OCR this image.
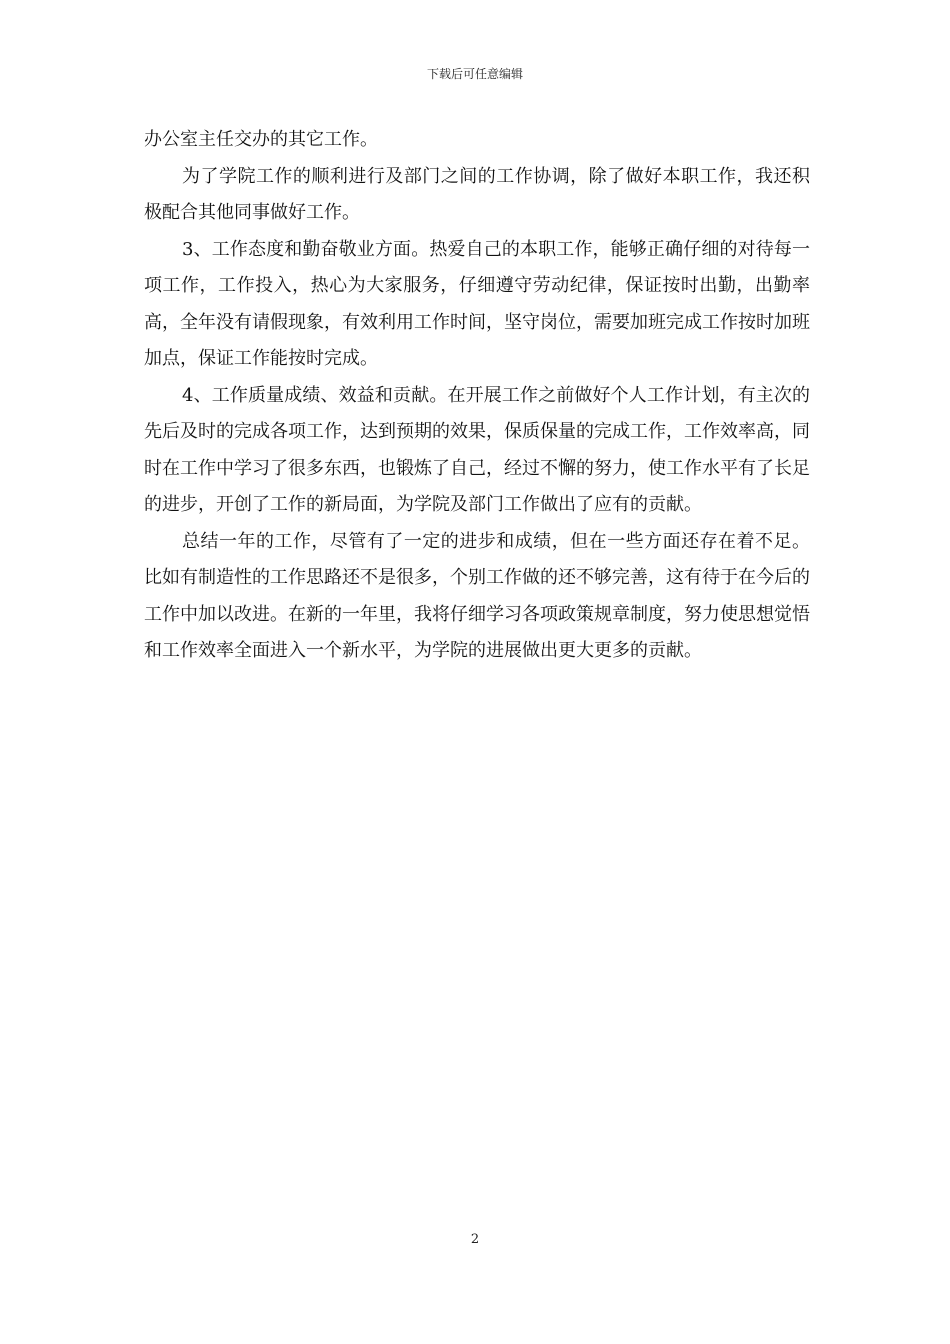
下载后可任意编辑

办公室主任交办的其它工作。

为了学院工作的顺利进行及部门之间的工作协调，除了做好本职工作，我还积极配合其他同事做好工作。

3、工作态度和勤奋敬业方面。热爱自己的本职工作，能够正确仔细的对待每一项工作，工作投入，热心为大家服务，仔细遵守劳动纪律，保证按时出勤，出勤率高，全年没有请假现象，有效利用工作时间，坚守岗位，需要加班完成工作按时加班加点，保证工作能按时完成。

4、工作质量成绩、效益和贡献。在开展工作之前做好个人工作计划，有主次的先后及时的完成各项工作，达到预期的效果，保质保量的完成工作，工作效率高，同时在工作中学习了很多东西，也锻炼了自己，经过不懈的努力，使工作水平有了长足的进步，开创了工作的新局面，为学院及部门工作做出了应有的贡献。

总结一年的工作，尽管有了一定的进步和成绩，但在一些方面还存在着不足。比如有制造性的工作思路还不是很多，个别工作做的还不够完善，这有待于在今后的工作中加以改进。在新的一年里，我将仔细学习各项政策规章制度，努力使思想觉悟和工作效率全面进入一个新水平，为学院的进展做出更大更多的贡献。

2
